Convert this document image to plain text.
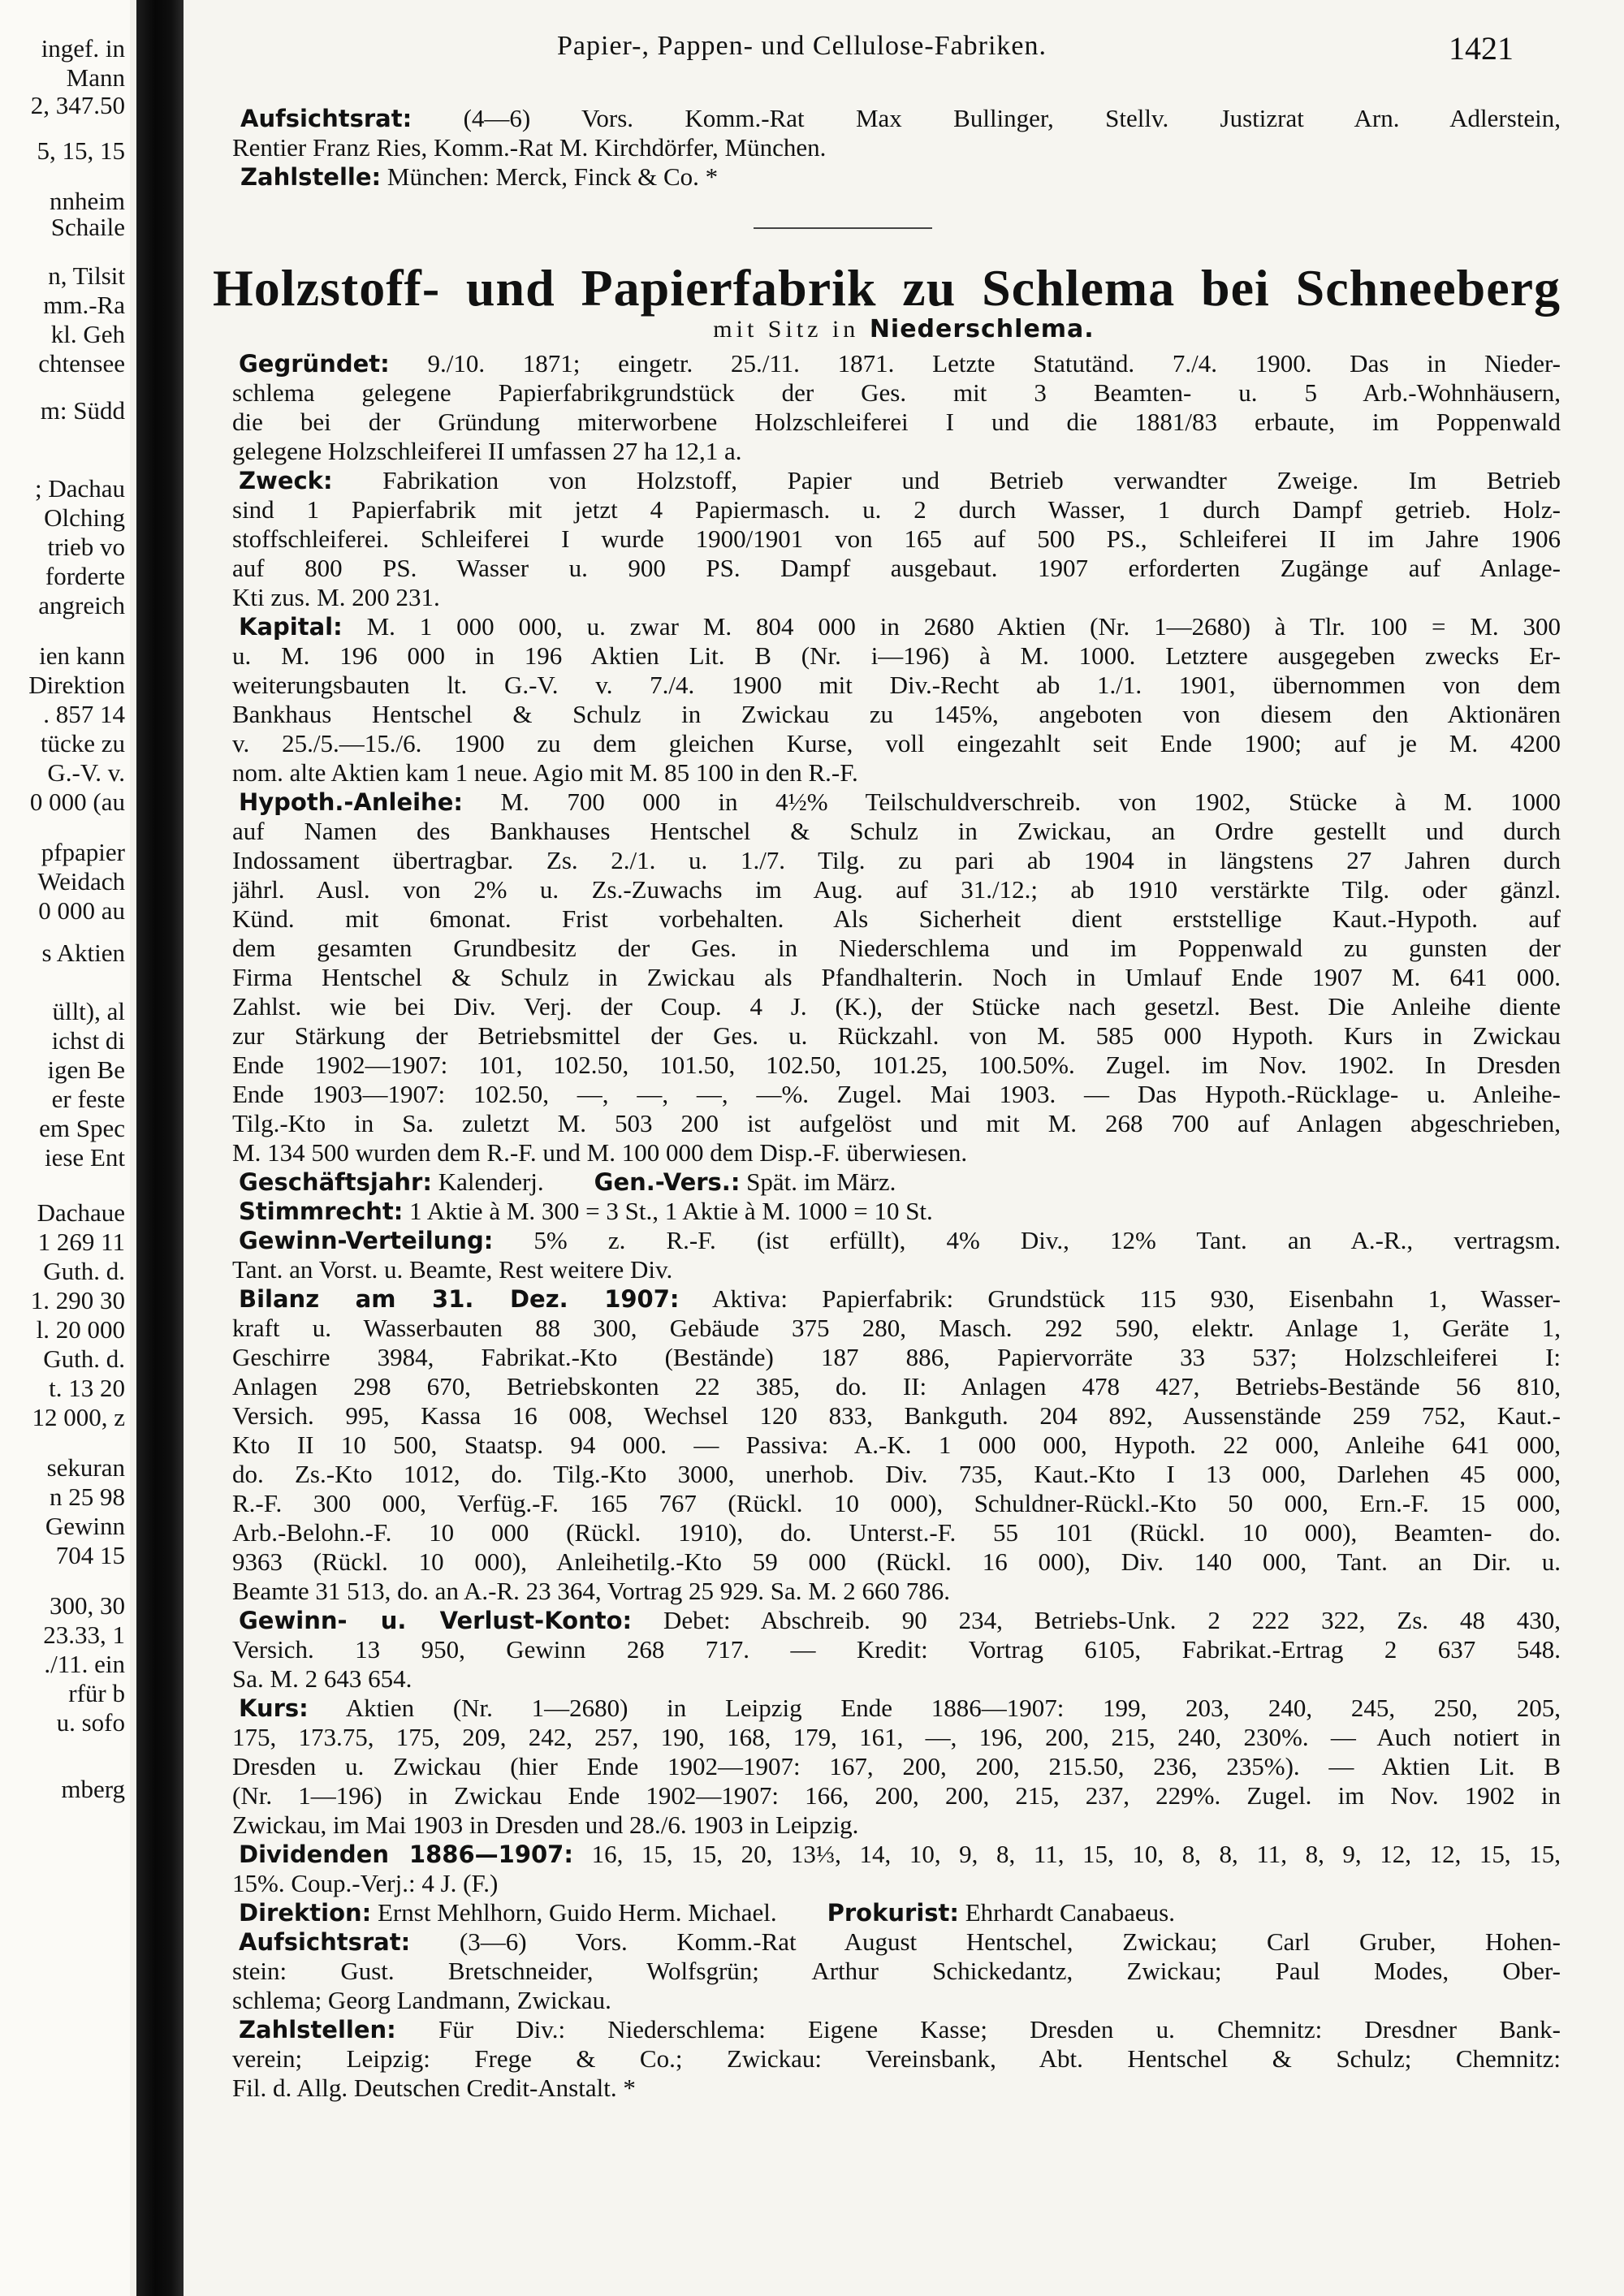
ingef. in
Mann
2, 347.50
5, 15, 15
nnheim
Schaile
n, Tilsit
mm.-Ra
kl. Geh
chtensee
m: Südd
; Dachau
Olching
trieb vo
forderte
angreich
ien kann
Direktion
. 857 14
tücke zu
G.-V. v.
0 000 (au
pfpapier
Weidach
0 000 au
s Aktien
üllt), al
ichst di
igen Be
er feste
em Spec
iese Ent
Dachaue
1 269 11
Guth. d.
1. 290 30
l. 20 000
Guth. d.
t. 13 20
12 000, z
sekuran
n 25 98
Gewinn
704 15
300, 30
23.33, 1
./11. ein
rfür b
u. sofo
mberg
Papier-, Pappen- und Cellulose-Fabriken.	1421
Aufsichtsrat: (4—6) Vors. Komm.-Rat Max Bullinger, Stellv. Justizrat Arn. Adlerstein,
Rentier Franz Ries, Komm.-Rat M. Kirchdörfer, München.
Zahlstelle: München: Merck, Finck & Co. *
Holzstoff- und Papierfabrik zu Schlema bei Schneeberg
mit Sitz in Niederschlema.
Gegründet: 9./10. 1871; eingetr. 25./11. 1871. Letzte Statutänd. 7./4. 1900. Das in Nieder-
schlema gelegene Papierfabrikgrundstück der Ges. mit 3 Beamten- u. 5 Arb.-Wohnhäusern,
die bei der Gründung miterworbene Holzschleiferei I und die 1881/83 erbaute, im Poppenwald
gelegene Holzschleiferei II umfassen 27 ha 12,1 a.
Zweck: Fabrikation von Holzstoff, Papier und Betrieb verwandter Zweige. Im Betrieb
sind 1 Papierfabrik mit jetzt 4 Papiermasch. u. 2 durch Wasser, 1 durch Dampf getrieb. Holz-
stoffschleiferei. Schleiferei I wurde 1900/1901 von 165 auf 500 PS., Schleiferei II im Jahre 1906
auf 800 PS. Wasser u. 900 PS. Dampf ausgebaut. 1907 erforderten Zugänge auf Anlage-
Kti zus. M. 200 231.
Kapital: M. 1 000 000, u. zwar M. 804 000 in 2680 Aktien (Nr. 1—2680) à Tlr. 100 = M. 300
u. M. 196 000 in 196 Aktien Lit. B (Nr. i—196) à M. 1000. Letztere ausgegeben zwecks Er-
weiterungsbauten lt. G.-V. v. 7./4. 1900 mit Div.-Recht ab 1./1. 1901, übernommen von dem
Bankhaus Hentschel & Schulz in Zwickau zu 145%, angeboten von diesem den Aktionären
v. 25./5.—15./6. 1900 zu dem gleichen Kurse, voll eingezahlt seit Ende 1900; auf je M. 4200
nom. alte Aktien kam 1 neue. Agio mit M. 85 100 in den R.-F.
Hypoth.-Anleihe: M. 700 000 in 4½% Teilschuldverschreib. von 1902, Stücke à M. 1000
auf Namen des Bankhauses Hentschel & Schulz in Zwickau, an Ordre gestellt und durch
Indossament übertragbar. Zs. 2./1. u. 1./7. Tilg. zu pari ab 1904 in längstens 27 Jahren durch
jährl. Ausl. von 2% u. Zs.-Zuwachs im Aug. auf 31./12.; ab 1910 verstärkte Tilg. oder gänzl.
Künd. mit 6monat. Frist vorbehalten. Als Sicherheit dient erststellige Kaut.-Hypoth. auf
dem gesamten Grundbesitz der Ges. in Niederschlema und im Poppenwald zu gunsten der
Firma Hentschel & Schulz in Zwickau als Pfandhalterin. Noch in Umlauf Ende 1907 M. 641 000.
Zahlst. wie bei Div. Verj. der Coup. 4 J. (K.), der Stücke nach gesetzl. Best. Die Anleihe diente
zur Stärkung der Betriebsmittel der Ges. u. Rückzahl. von M. 585 000 Hypoth. Kurs in Zwickau
Ende 1902—1907: 101, 102.50, 101.50, 102.50, 101.25, 100.50%. Zugel. im Nov. 1902. In Dresden
Ende 1903—1907: 102.50, —, —, —, —%. Zugel. Mai 1903. — Das Hypoth.-Rücklage- u. Anleihe-
Tilg.-Kto in Sa. zuletzt M. 503 200 ist aufgelöst und mit M. 268 700 auf Anlagen abgeschrieben,
M. 134 500 wurden dem R.-F. und M. 100 000 dem Disp.-F. überwiesen.
Geschäftsjahr: Kalenderj.   Gen.-Vers.: Spät. im März.
Stimmrecht: 1 Aktie à M. 300 = 3 St., 1 Aktie à M. 1000 = 10 St.
Gewinn-Verteilung: 5% z. R.-F. (ist erfüllt), 4% Div., 12% Tant. an A.-R., vertragsm.
Tant. an Vorst. u. Beamte, Rest weitere Div.
Bilanz am 31. Dez. 1907: Aktiva: Papierfabrik: Grundstück 115 930, Eisenbahn 1, Wasser-
kraft u. Wasserbauten 88 300, Gebäude 375 280, Masch. 292 590, elektr. Anlage 1, Geräte 1,
Geschirre 3984, Fabrikat.-Kto (Bestände) 187 886, Papiervorräte 33 537; Holzschleiferei I:
Anlagen 298 670, Betriebskonten 22 385, do. II: Anlagen 478 427, Betriebs-Bestände 56 810,
Versich. 995, Kassa 16 008, Wechsel 120 833, Bankguth. 204 892, Aussenstände 259 752, Kaut.-
Kto II 10 500, Staatsp. 94 000. — Passiva: A.-K. 1 000 000, Hypoth. 22 000, Anleihe 641 000,
do. Zs.-Kto 1012, do. Tilg.-Kto 3000, unerhob. Div. 735, Kaut.-Kto I 13 000, Darlehen 45 000,
R.-F. 300 000, Verfüg.-F. 165 767 (Rückl. 10 000), Schuldner-Rückl.-Kto 50 000, Ern.-F. 15 000,
Arb.-Belohn.-F. 10 000 (Rückl. 1910), do. Unterst.-F. 55 101 (Rückl. 10 000), Beamten- do.
9363 (Rückl. 10 000), Anleihetilg.-Kto 59 000 (Rückl. 16 000), Div. 140 000, Tant. an Dir. u.
Beamte 31 513, do. an A.-R. 23 364, Vortrag 25 929. Sa. M. 2 660 786.
Gewinn- u. Verlust-Konto: Debet: Abschreib. 90 234, Betriebs-Unk. 2 222 322, Zs. 48 430,
Versich. 13 950, Gewinn 268 717. — Kredit: Vortrag 6105, Fabrikat.-Ertrag 2 637 548.
Sa. M. 2 643 654.
Kurs: Aktien (Nr. 1—2680) in Leipzig Ende 1886—1907: 199, 203, 240, 245, 250, 205,
175, 173.75, 175, 209, 242, 257, 190, 168, 179, 161, —, 196, 200, 215, 240, 230%. — Auch notiert in
Dresden u. Zwickau (hier Ende 1902—1907: 167, 200, 200, 215.50, 236, 235%). — Aktien Lit. B
(Nr. 1—196) in Zwickau Ende 1902—1907: 166, 200, 200, 215, 237, 229%. Zugel. im Nov. 1902 in
Zwickau, im Mai 1903 in Dresden und 28./6. 1903 in Leipzig.
Dividenden 1886—1907: 16, 15, 15, 20, 13⅓, 14, 10, 9, 8, 11, 15, 10, 8, 8, 11, 8, 9, 12, 12, 15, 15,
15%. Coup.-Verj.: 4 J. (F.)
Direktion: Ernst Mehlhorn, Guido Herm. Michael.   Prokurist: Ehrhardt Canabaeus.
Aufsichtsrat: (3—6) Vors. Komm.-Rat August Hentschel, Zwickau; Carl Gruber, Hohen-
stein: Gust. Bretschneider, Wolfsgrün; Arthur Schickedantz, Zwickau; Paul Modes, Ober-
schlema; Georg Landmann, Zwickau.
Zahlstellen: Für Div.: Niederschlema: Eigene Kasse; Dresden u. Chemnitz: Dresdner Bank-
verein; Leipzig: Frege & Co.; Zwickau: Vereinsbank, Abt. Hentschel & Schulz; Chemnitz:
Fil. d. Allg. Deutschen Credit-Anstalt. *
